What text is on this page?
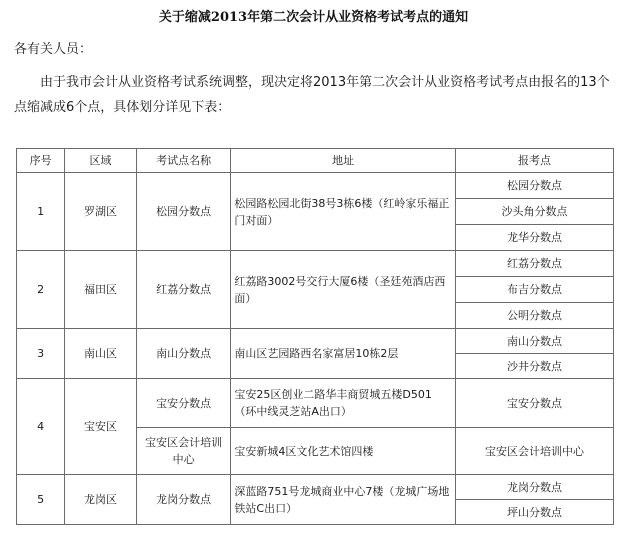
关于缩减2013年第二次会计从业资格考试考点的通知
各有关人员：
由于我市会计从业资格考试系统调整，现决定将2013年第二次会计从业资格考试考点由报名的13个点缩减成6个点，具体划分详见下表：
序号	区域	考试点名称	地址	报考点
1	罗湖区	松园分数点	松园路松园北街38号3栋6楼（红岭家乐福正门对面）	松园分数点
				沙头角分数点
				龙华分数点
2	福田区	红荔分数点	红荔路3002号交行大厦6楼（圣廷苑酒店西面）	红荔分数点
				布吉分数点
				公明分数点
3	南山区	南山分数点	南山区艺园路西名家富居10栋2层	南山分数点
				沙井分数点
4	宝安区	宝安分数点	宝安25区创业二路华丰商贸城五楼D501（环中线灵芝站A出口）	宝安分数点
		宝安区会计培训中心	宝安新城4区文化艺术馆四楼	宝安区会计培训中心
5	龙岗区	龙岗分数点	深蓝路751号龙城商业中心7楼（龙城广场地铁站C出口）	龙岗分数点
				坪山分数点
